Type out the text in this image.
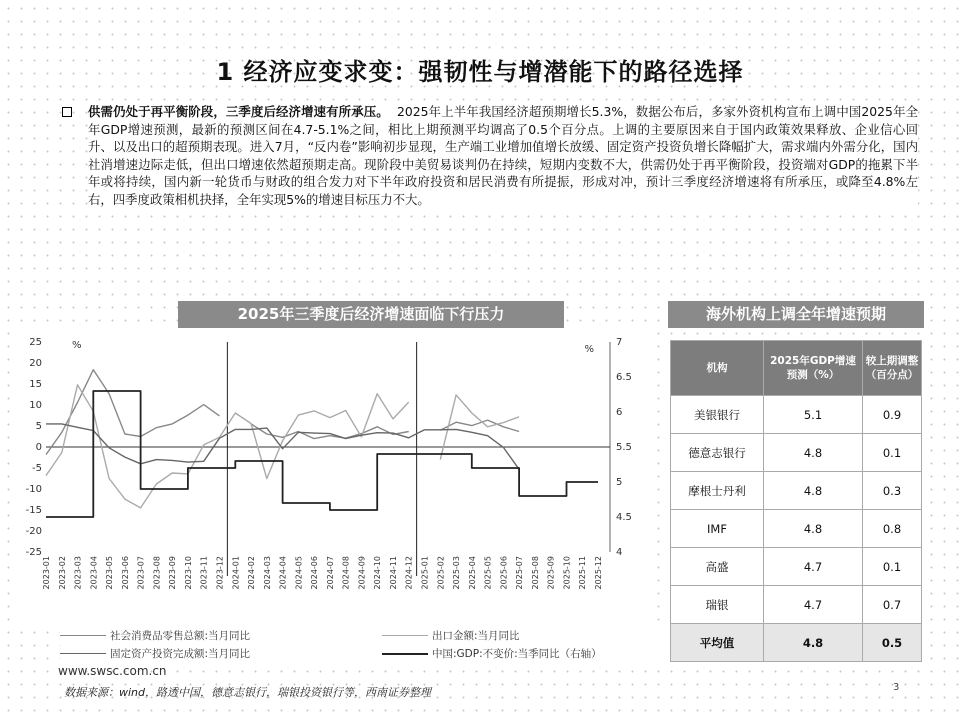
1 经济应变求变：强韧性与增潜能下的路径选择
供需仍处于再平衡阶段，三季度后经济增速有所承压。 2025年上半年我国经济超预期增长5.3%，数据公布后，多家外资机构宣布上调中国2025年全年GDP增速预测，最新的预测区间在4.7-5.1%之间，相比上期预测平均调高了0.5个百分点。上调的主要原因来自于国内政策效果释放、企业信心回升、以及出口的超预期表现。进入7月，“反内卷”影响初步显现，生产端工业增加值增长放缓、固定资产投资负增长降幅扩大，需求端内外需分化，国内社消增速边际走低，但出口增速依然超预期走高。现阶段中美贸易谈判仍在持续，短期内变数不大，供需仍处于再平衡阶段，投资端对GDP的拖累下半年或将持续，国内新一轮货币与财政的组合发力对下半年政府投资和居民消费有所提振，形成对冲，预计三季度经济增速将有所承压，或降至4.8%左右，四季度政策相机抉择，全年实现5%的增速目标压力不大。
2025年三季度后经济增速面临下行压力	海外机构上调全年增速预期
25
20
15
10
5
0
-5
-10
-15
-20
-25
7
6.5
6
5.5
5
4.5
4
%	%
2023-01 2023-02 2023-03 2023-04 2023-05 2023-06 2023-07 2023-08 2023-09 2023-10 2023-11 2023-12 2024-01 2024-02 2024-03 2024-04 2024-05 2024-06 2024-07 2024-08 2024-09 2024-10 2024-11 2024-12 2025-01 2025-02 2025-03 2025-04 2025-05 2025-06 2025-07 2025-08 2025-09 2025-10 2025-11 2025-12
社会消费品零售总额:当月同比	出口金额:当月同比
固定资产投资完成额:当月同比	中国:GDP:不变价:当季同比（右轴）
机构	2025年GDP增速预测（%）	较上期调整（百分点）
美银银行	5.1	0.9
德意志银行	4.8	0.1
摩根士丹利	4.8	0.3
IMF	4.8	0.8
高盛	4.7	0.1
瑞银	4.7	0.7
平均值	4.8	0.5
www.swsc.com.cn
数据来源：wind，路透中国，德意志银行，瑞银投资银行等，西南证券整理	3
